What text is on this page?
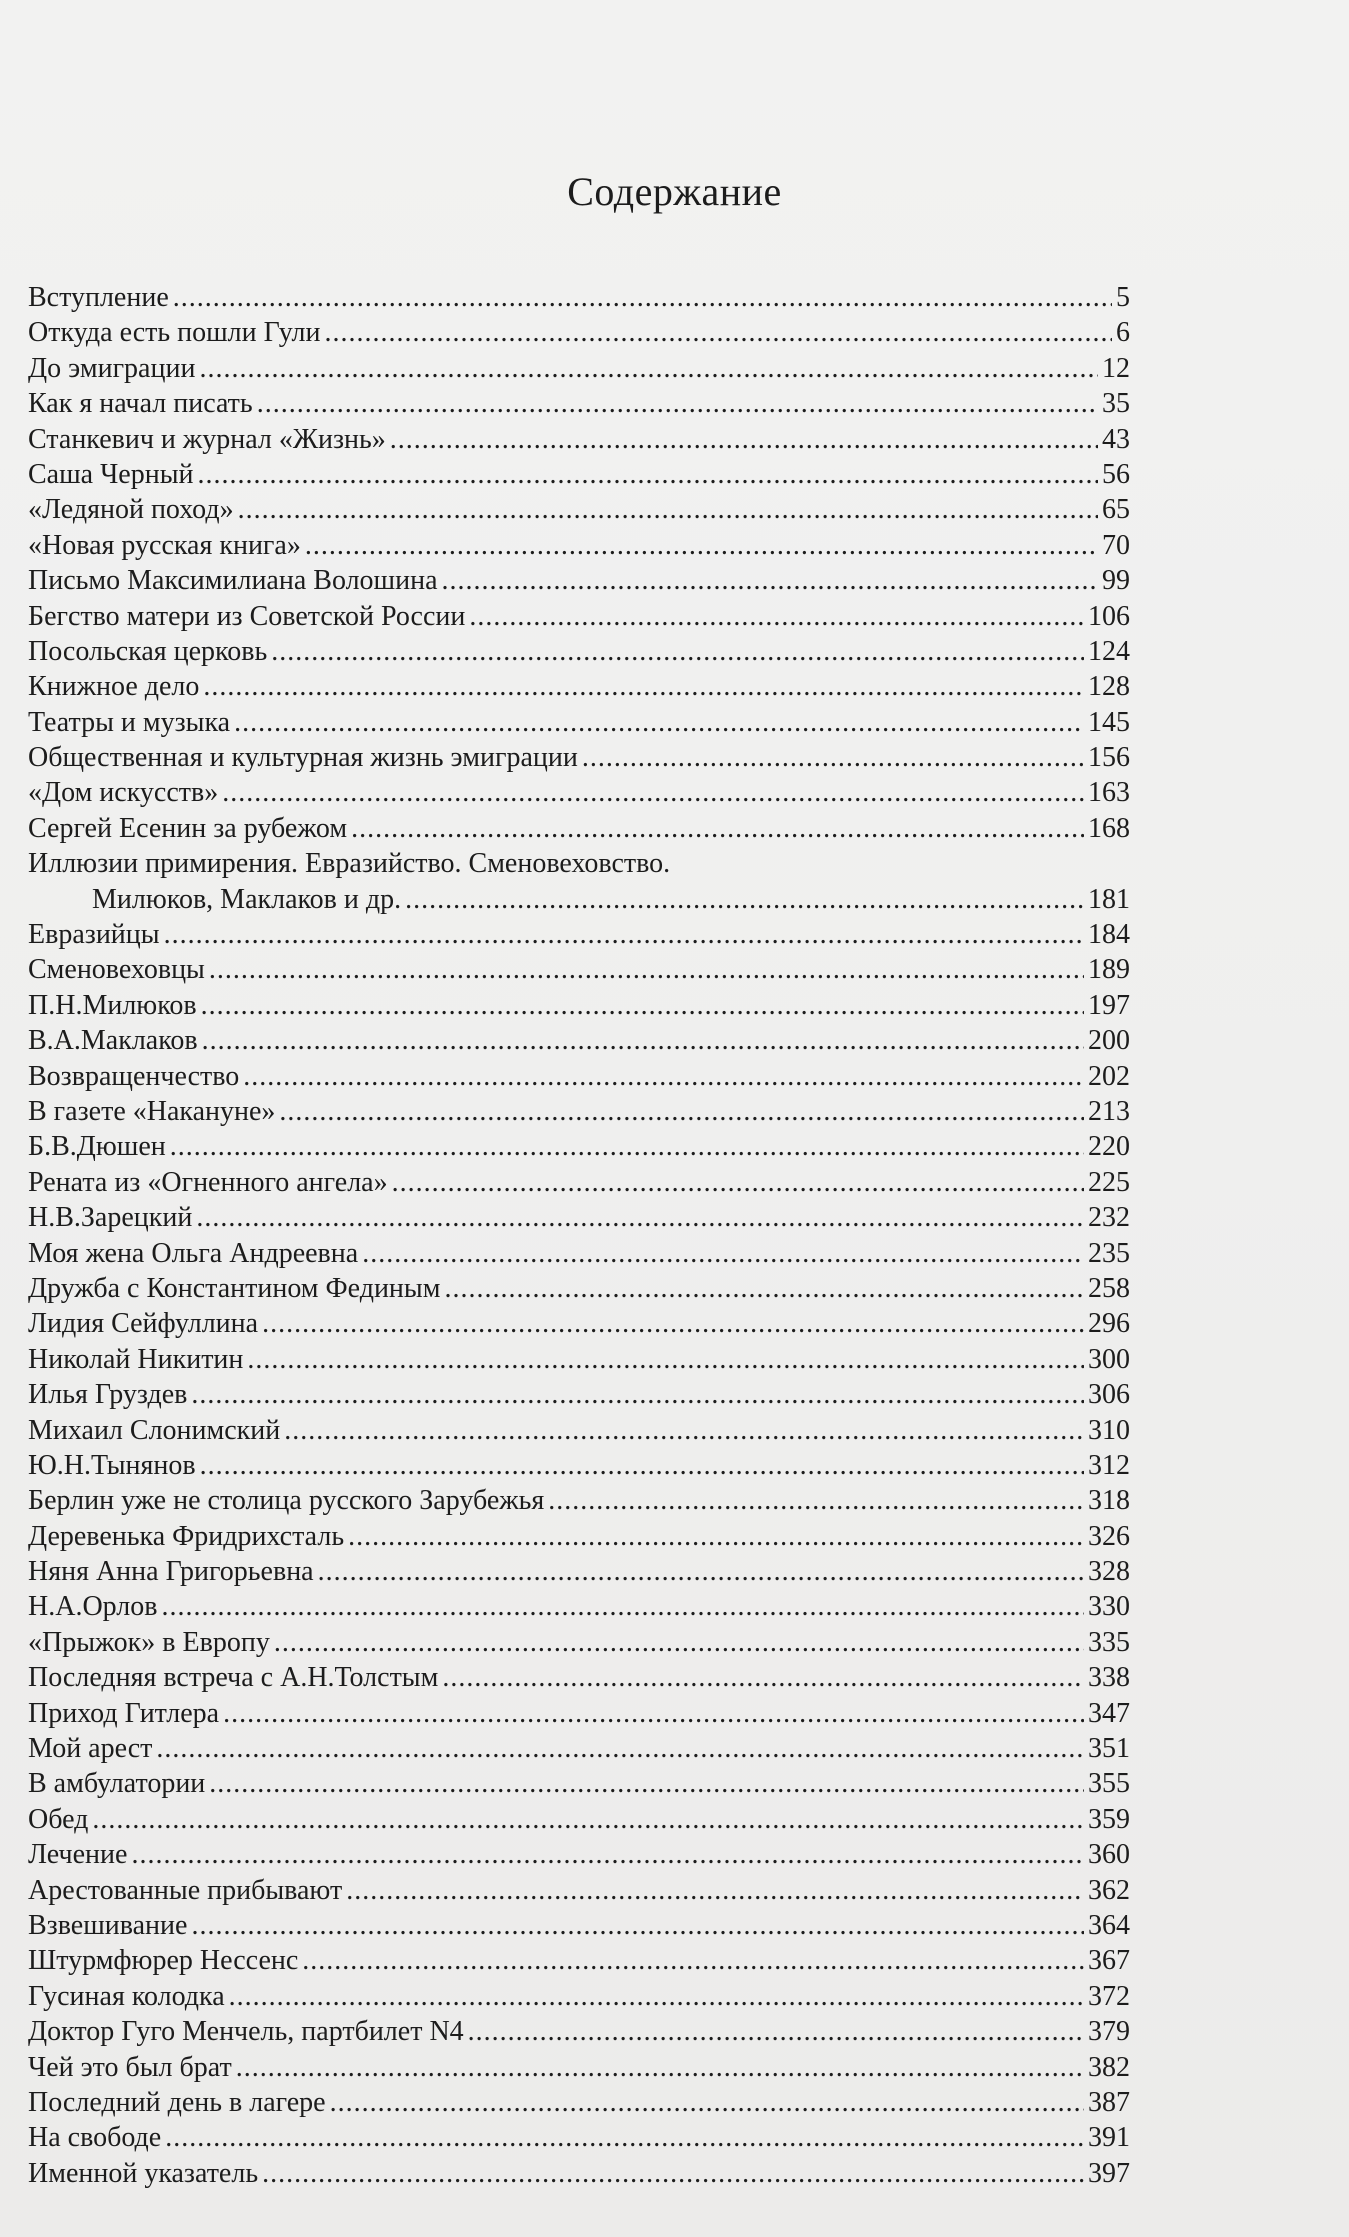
Содержание
Вступление .....	5
Откуда есть пошли Гули .....	6
До эмиграции .....	12
Как я начал писать .....	35
Станкевич и журнал «Жизнь» .....	43
Саша Черный .....	56
«Ледяной поход» .....	65
«Новая русская книга» .....	70
Письмо Максимилиана Волошина .....	99
Бегство матери из Советской России .....	106
Посольская церковь .....	124
Книжное дело .....	128
Театры и музыка .....	145
Общественная и культурная жизнь эмиграции .....	156
«Дом искусств» .....	163
Сергей Есенин за рубежом .....	168
Иллюзии примирения. Евразийство. Сменовеховство.
Милюков, Маклаков и др. .....	181
Евразийцы .....	184
Сменовеховцы .....	189
П.Н.Милюков .....	197
В.А.Маклаков .....	200
Возвращенчество .....	202
В газете «Накануне» .....	213
Б.В.Дюшен .....	220
Рената из «Огненного ангела» .....	225
Н.В.Зарецкий .....	232
Моя жена Ольга Андреевна .....	235
Дружба с Константином Фединым .....	258
Лидия Сейфуллина .....	296
Николай Никитин .....	300
Илья Груздев .....	306
Михаил Слонимский .....	310
Ю.Н.Тынянов .....	312
Берлин уже не столица русского Зарубежья .....	318
Деревенька Фридрихсталь .....	326
Няня Анна Григорьевна .....	328
Н.А.Орлов .....	330
«Прыжок» в Европу .....	335
Последняя встреча с А.Н.Толстым .....	338
Приход Гитлера .....	347
Мой арест .....	351
В амбулатории .....	355
Обед .....	359
Лечение .....	360
Арестованные прибывают .....	362
Взвешивание .....	364
Штурмфюрер Нессенс .....	367
Гусиная колодка .....	372
Доктор Гуго Менчель, партбилет N4 .....	379
Чей это был брат .....	382
Последний день в лагере .....	387
На свободе .....	391
Именной указатель .....	397
